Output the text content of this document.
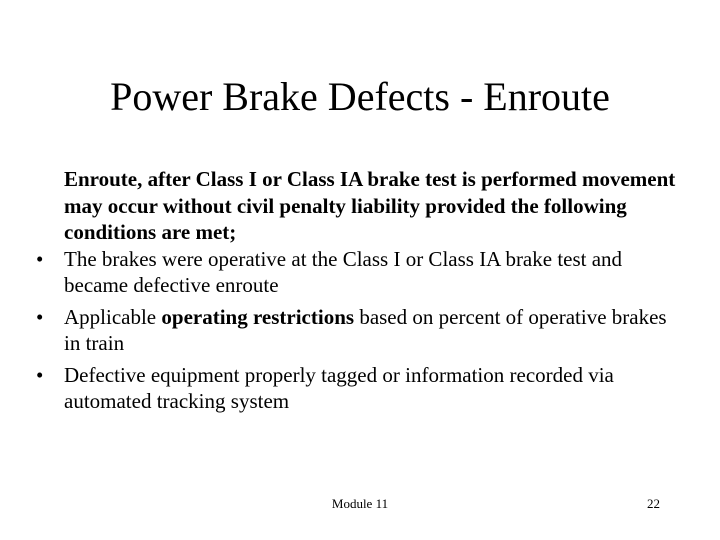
Power Brake Defects - Enroute

Enroute, after Class I or Class IA brake test is performed movement may occur without civil penalty liability provided the following conditions are met;

• The brakes were operative at the Class I or Class IA brake test and became defective enroute
• Applicable operating restrictions based on percent of operative brakes in train
• Defective equipment properly tagged or information recorded via automated tracking system
Module 11	22
